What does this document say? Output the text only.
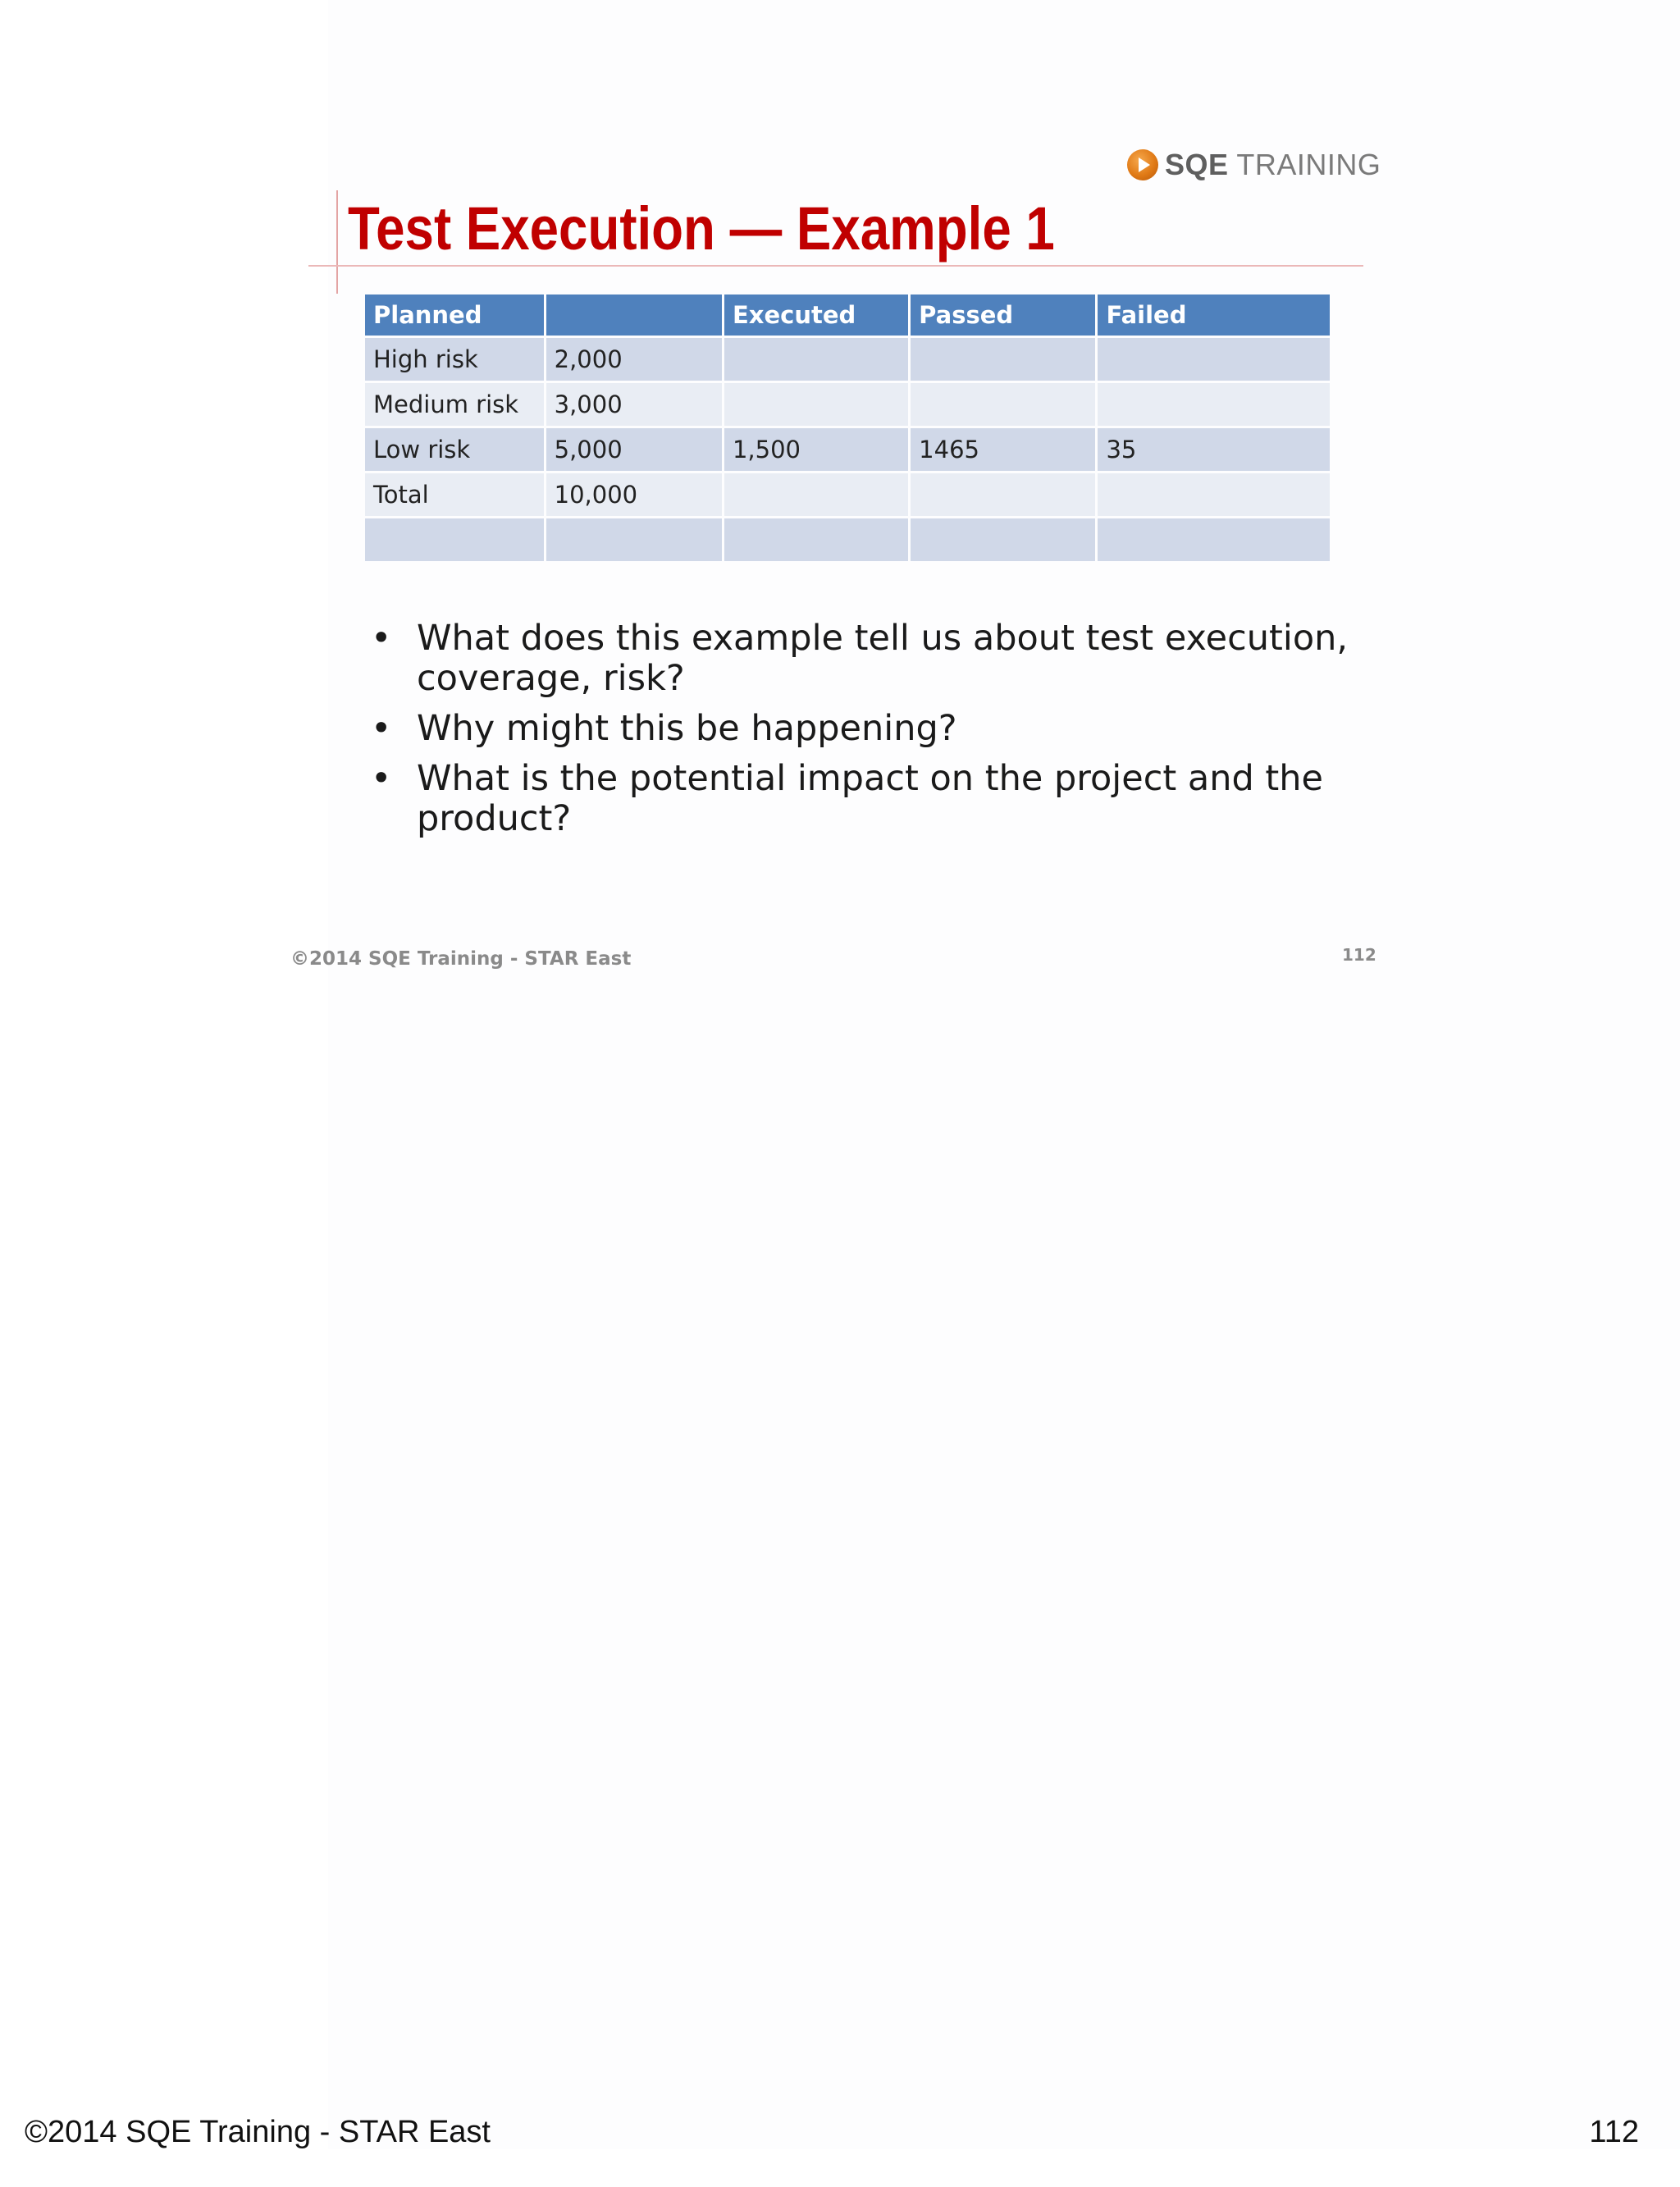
SQE TRAINING
Test Execution — Example 1
Planned		Executed	Passed	Failed
High risk	2,000			
Medium risk	3,000			
Low risk	5,000	1,500	1465	35
Total	10,000			

• What does this example tell us about test execution, coverage, risk?
• Why might this be happening?
• What is the potential impact on the project and the product?
©2014 SQE Training - STAR East	112
©2014 SQE Training - STAR East	112
